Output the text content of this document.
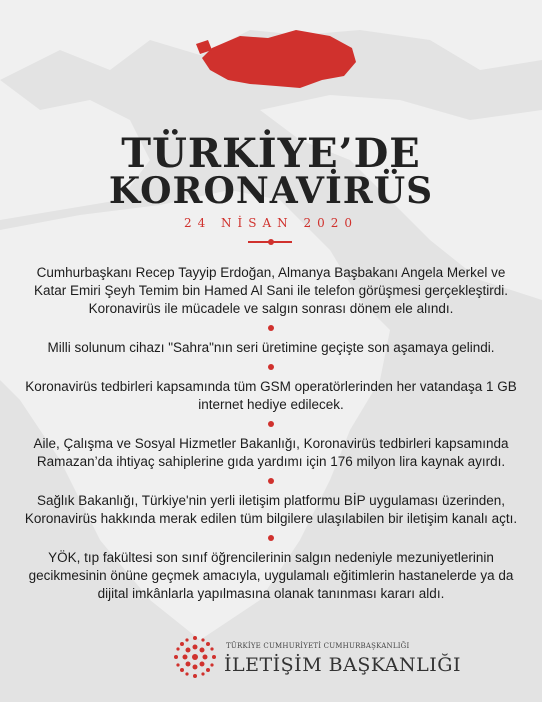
TÜRKİYE’DE
KORONAVİRÜS
24 NİSAN 2020

Cumhurbaşkanı Recep Tayyip Erdoğan, Almanya Başbakanı Angela Merkel ve Katar Emiri Şeyh Temim bin Hamed Al Sani ile telefon görüşmesi gerçekleştirdi. Koronavirüs ile mücadele ve salgın sonrası dönem ele alındı.

Milli solunum cihazı "Sahra"nın seri üretimine geçişte son aşamaya gelindi.

Koronavirüs tedbirleri kapsamında tüm GSM operatörlerinden her vatandaşa 1 GB internet hediye edilecek.

Aile, Çalışma ve Sosyal Hizmetler Bakanlığı, Koronavirüs tedbirleri kapsamında Ramazan’da ihtiyaç sahiplerine gıda yardımı için 176 milyon lira kaynak ayırdı.

Sağlık Bakanlığı, Türkiye'nin yerli iletişim platformu BİP uygulaması üzerinden, Koronavirüs hakkında merak edilen tüm bilgilere ulaşılabilen bir iletişim kanalı açtı.

YÖK, tıp fakültesi son sınıf öğrencilerinin salgın nedeniyle mezuniyetlerinin gecikmesinin önüne geçmek amacıyla, uygulamalı eğitimlerin hastanelerde ya da dijital imkânlarla yapılmasına olanak tanınması kararı aldı.

TÜRKİYE CUMHURİYETİ CUMHURBAŞKANLIĞI
İLETİŞİM BAŞKANLIĞI
